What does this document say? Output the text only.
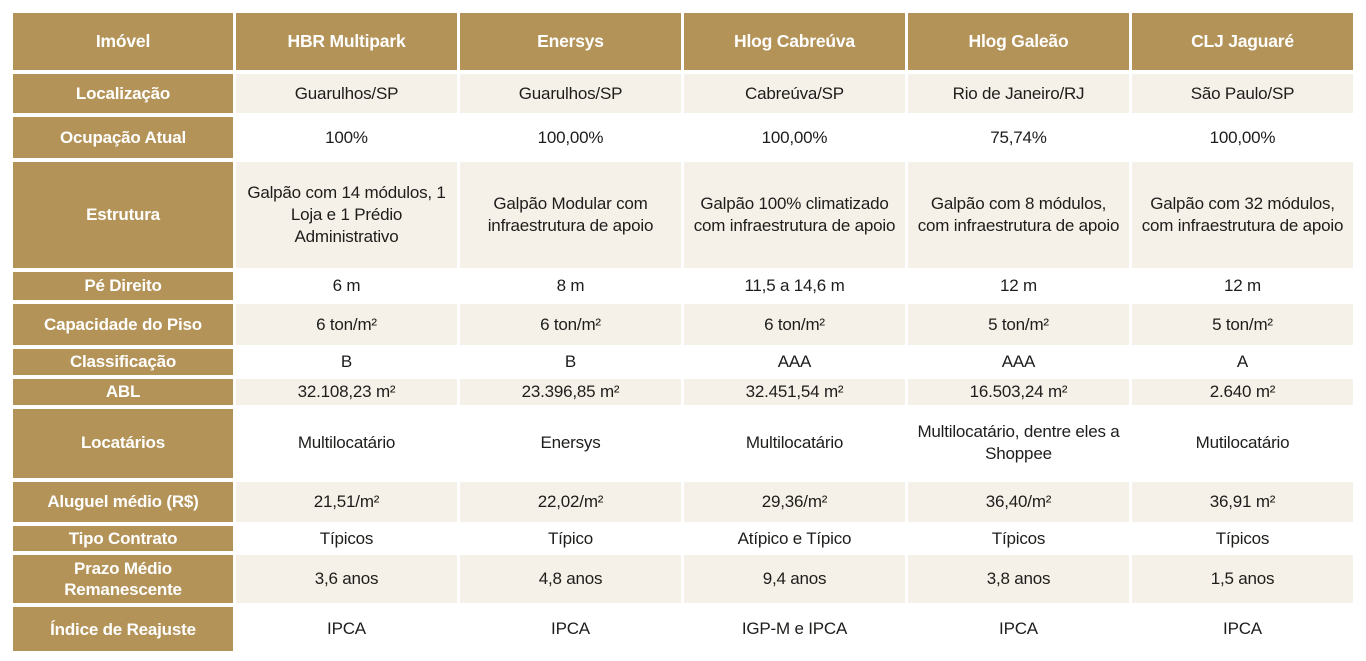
Imóvel	HBR Multipark	Enersys	Hlog Cabreúva	Hlog Galeão	CLJ Jaguaré
Localização	Guarulhos/SP	Guarulhos/SP	Cabreúva/SP	Rio de Janeiro/RJ	São Paulo/SP
Ocupação Atual	100%	100,00%	100,00%	75,74%	100,00%
Estrutura	Galpão com 14 módulos, 1 Loja e 1 Prédio Administrativo	Galpão Modular com infraestrutura de apoio	Galpão 100% climatizado com infraestrutura de apoio	Galpão com 8 módulos, com infraestrutura de apoio	Galpão com 32 módulos, com infraestrutura de apoio
Pé Direito	6 m	8 m	11,5 a 14,6 m	12 m	12 m
Capacidade do Piso	6 ton/m²	6 ton/m²	6 ton/m²	5 ton/m²	5 ton/m²
Classificação	B	B	AAA	AAA	A
ABL	32.108,23 m²	23.396,85 m²	32.451,54 m²	16.503,24 m²	2.640 m²
Locatários	Multilocatário	Enersys	Multilocatário	Multilocatário, dentre eles a Shoppee	Mutilocatário
Aluguel médio (R$)	21,51/m²	22,02/m²	29,36/m²	36,40/m²	36,91 m²
Tipo Contrato	Típicos	Típico	Atípico e Típico	Típicos	Típicos
Prazo Médio Remanescente	3,6 anos	4,8 anos	9,4 anos	3,8 anos	1,5 anos
Índice de Reajuste	IPCA	IPCA	IGP-M e IPCA	IPCA	IPCA
